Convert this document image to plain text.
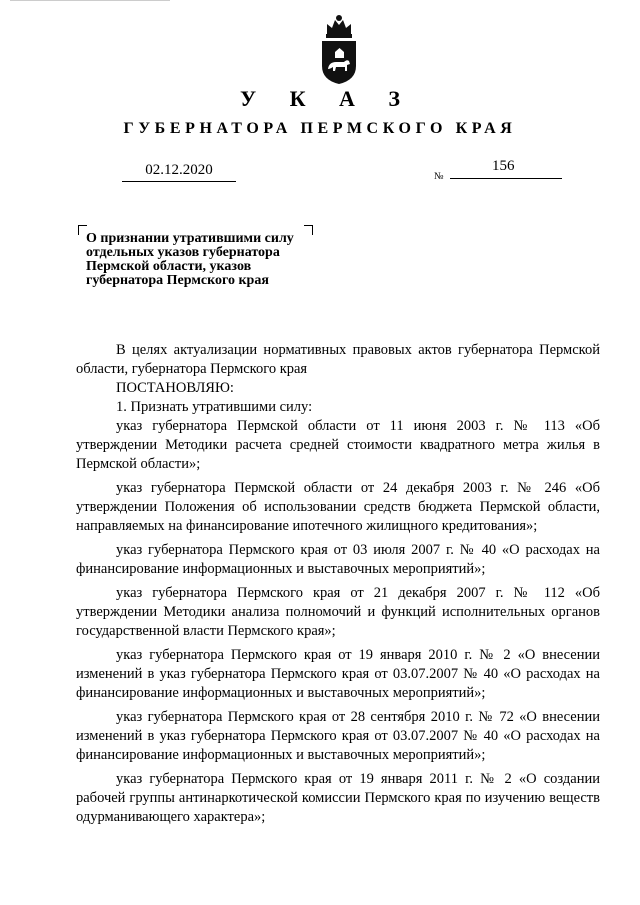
У К А З
ГУБЕРНАТОРА ПЕРМСКОГО КРАЯ
02.12.2020	№
156
О признании утратившими силу отдельных указов губернатора Пермской области, указов губернатора Пермского края

В целях актуализации нормативных правовых актов губернатора Пермской области, губернатора Пермского края

ПОСТАНОВЛЯЮ:

1. Признать утратившими силу:

указ губернатора Пермской области от 11 июня 2003 г. № 113 «Об утверждении Методики расчета средней стоимости квадратного метра жилья в Пермской области»;

указ губернатора Пермской области от 24 декабря 2003 г. № 246 «Об утверждении Положения об использовании средств бюджета Пермской области, направляемых на финансирование ипотечного жилищного кредитования»;

указ губернатора Пермского края от 03 июля 2007 г. № 40 «О расходах на финансирование информационных и выставочных мероприятий»;

указ губернатора Пермского края от 21 декабря 2007 г. № 112 «Об утверждении Методики анализа полномочий и функций исполнительных органов государственной власти Пермского края»;

указ губернатора Пермского края от 19 января 2010 г. № 2 «О внесении изменений в указ губернатора Пермского края от 03.07.2007 № 40 «О расходах на финансирование информационных и выставочных мероприятий»;

указ губернатора Пермского края от 28 сентября 2010 г. № 72 «О внесении изменений в указ губернатора Пермского края от 03.07.2007 № 40 «О расходах на финансирование информационных и выставочных мероприятий»;

указ губернатора Пермского края от 19 января 2011 г. № 2 «О создании рабочей группы антинаркотической комиссии Пермского края по изучению веществ одурманивающего характера»;
